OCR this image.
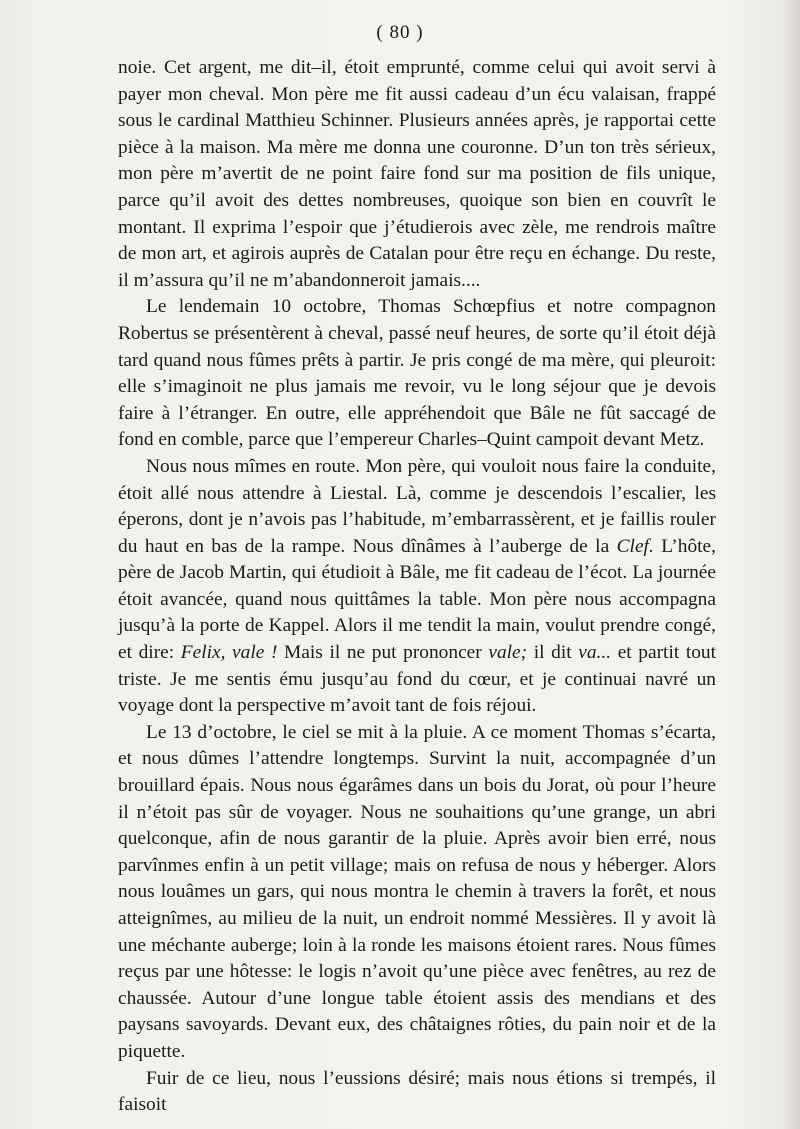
( 80 )

noie. Cet argent, me dit–il, étoit emprunté, comme celui qui avoit servi à payer mon cheval. Mon père me fit aussi cadeau d’un écu valaisan, frappé sous le cardinal Matthieu Schinner. Plusieurs années après, je rapportai cette pièce à la maison. Ma mère me donna une couronne. D’un ton très sérieux, mon père m’avertit de ne point faire fond sur ma position de fils unique, parce qu’il avoit des dettes nombreuses, quoique son bien en couvrît le montant. Il exprima l’espoir que j’étudierois avec zèle, me rendrois maître de mon art, et agirois auprès de Catalan pour être reçu en échange. Du reste, il m’assura qu’il ne m’abandonneroit jamais....

Le lendemain 10 octobre, Thomas Schœpfius et notre compagnon Robertus se présentèrent à cheval, passé neuf heures, de sorte qu’il étoit déjà tard quand nous fûmes prêts à partir. Je pris congé de ma mère, qui pleuroit: elle s’imaginoit ne plus jamais me revoir, vu le long séjour que je devois faire à l’étranger. En outre, elle appréhendoit que Bâle ne fût saccagé de fond en comble, parce que l’empereur Charles–Quint campoit devant Metz.

Nous nous mîmes en route. Mon père, qui vouloit nous faire la conduite, étoit allé nous attendre à Liestal. Là, comme je descendois l’escalier, les éperons, dont je n’avois pas l’habitude, m’embarrassèrent, et je faillis rouler du haut en bas de la rampe. Nous dînâmes à l’auberge de la Clef. L’hôte, père de Jacob Martin, qui étudioit à Bâle, me fit cadeau de l’écot. La journée étoit avancée, quand nous quittâmes la table. Mon père nous accompagna jusqu’à la porte de Kappel. Alors il me tendit la main, voulut prendre congé, et dire: Felix, vale ! Mais il ne put prononcer vale; il dit va... et partit tout triste. Je me sentis ému jusqu’au fond du cœur, et je continuai navré un voyage dont la perspective m’avoit tant de fois réjoui.

Le 13 d’octobre, le ciel se mit à la pluie. A ce moment Thomas s’écarta, et nous dûmes l’attendre longtemps. Survint la nuit, accompagnée d’un brouillard épais. Nous nous égarâmes dans un bois du Jorat, où pour l’heure il n’étoit pas sûr de voyager. Nous ne souhaitions qu’une grange, un abri quelconque, afin de nous garantir de la pluie. Après avoir bien erré, nous parvînmes enfin à un petit village; mais on refusa de nous y héberger. Alors nous louâmes un gars, qui nous montra le chemin à travers la forêt, et nous atteignîmes, au milieu de la nuit, un endroit nommé Messières. Il y avoit là une méchante auberge; loin à la ronde les maisons étoient rares. Nous fûmes reçus par une hôtesse: le logis n’avoit qu’une pièce avec fenêtres, au rez de chaussée. Autour d’une longue table étoient assis des mendians et des paysans savoyards. Devant eux, des châtaignes rôties, du pain noir et de la piquette.

Fuir de ce lieu, nous l’eussions désiré; mais nous étions si trempés, il faisoit
